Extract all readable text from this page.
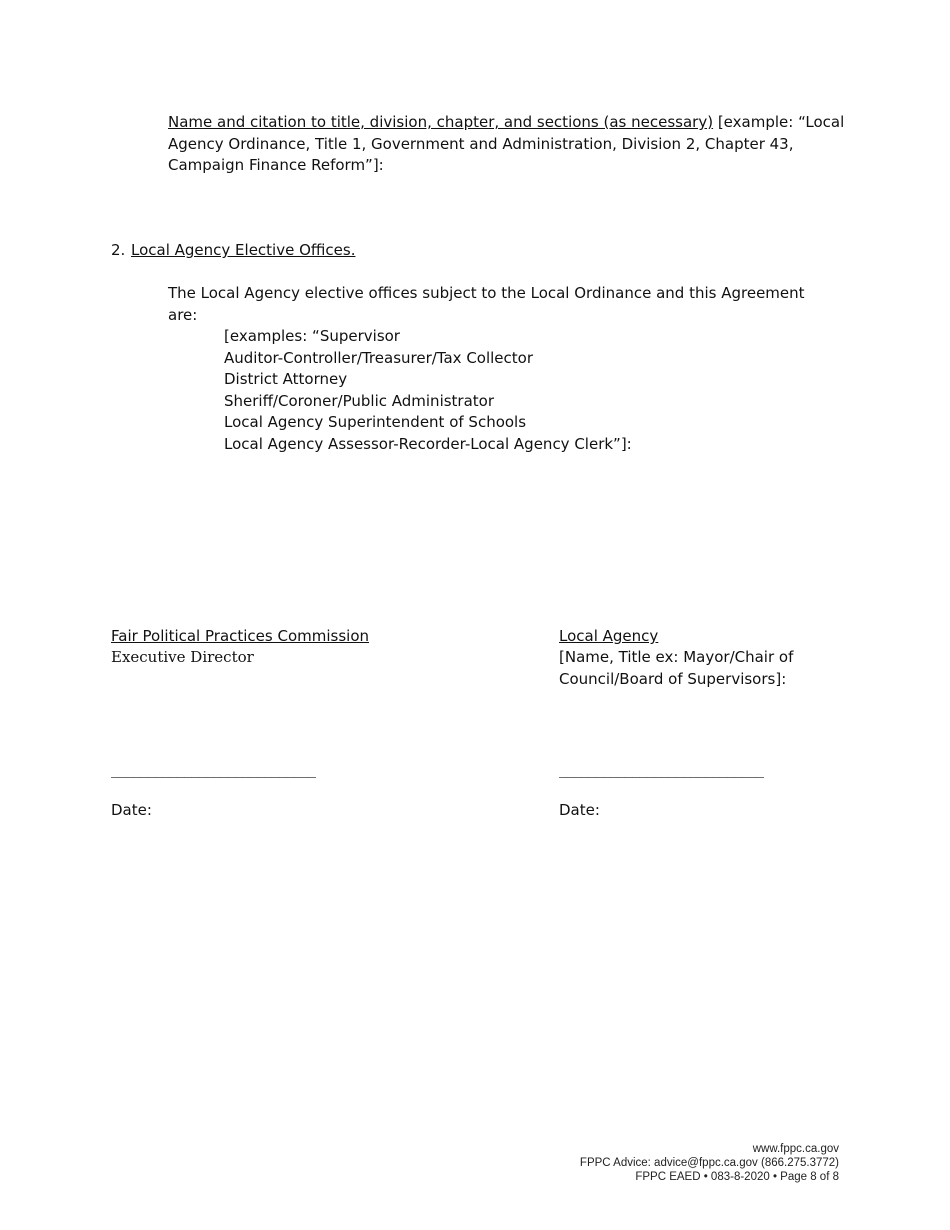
Name and citation to title, division, chapter, and sections (as necessary) [example: “Local Agency Ordinance, Title 1, Government and Administration, Division 2, Chapter 43, Campaign Finance Reform”]:
2. Local Agency Elective Offices.
The Local Agency elective offices subject to the Local Ordinance and this Agreement are:
[examples: “Supervisor
Auditor-Controller/Treasurer/Tax Collector
District Attorney
Sheriff/Coroner/Public Administrator
Local Agency Superintendent of Schools
Local Agency Assessor-Recorder-Local Agency Clerk”]:
Fair Political Practices Commission
Executive Director
Local Agency
[Name, Title ex: Mayor/Chair of Council/Board of Supervisors]:
____________________________	____________________________
Date:	Date:
www.fppc.ca.gov
FPPC Advice: advice@fppc.ca.gov (866.275.3772)
FPPC EAED • 083-8-2020 • Page 8 of 8
